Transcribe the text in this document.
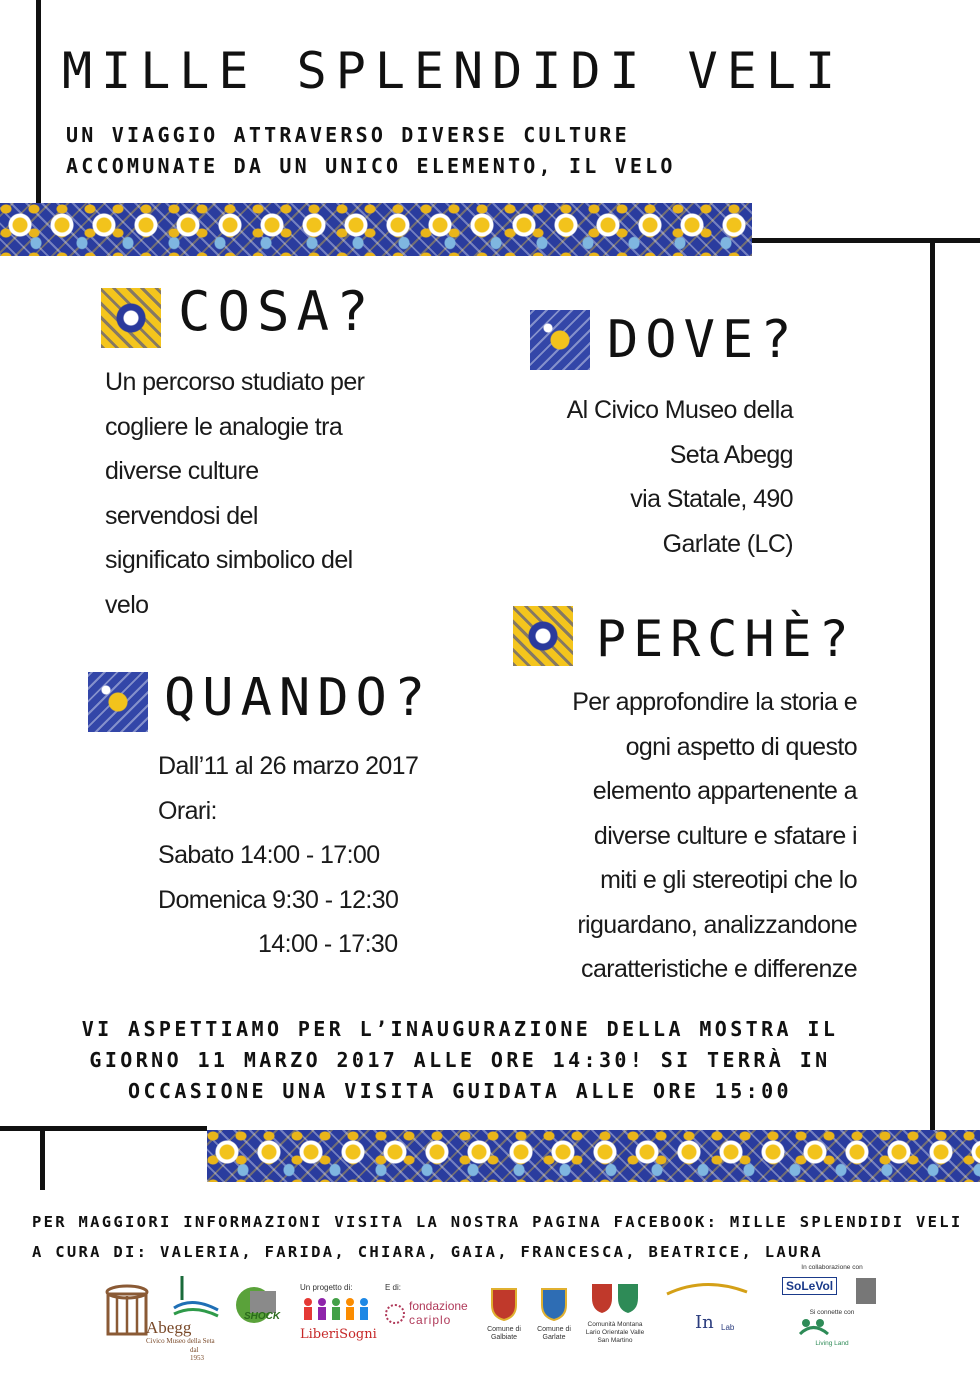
MILLE SPLENDIDI VELI
UN VIAGGIO ATTRAVERSO DIVERSE CULTURE
ACCOMUNATE DA UN UNICO ELEMENTO, IL VELO
COSA?
Un percorso studiato per
cogliere le analogie tra
diverse culture
servendosi del
significato simbolico del
velo
DOVE?
Al Civico Museo della
Seta Abegg
via Statale, 490
Garlate (LC)
PERCHÈ?
Per approfondire la storia e
ogni aspetto di questo
elemento appartenente a
diverse culture e sfatare i
miti e gli stereotipi che lo
riguardano, analizzandone
caratteristiche e differenze
QUANDO?
Dall’11 al 26 marzo 2017
Orari:
Sabato 14:00 - 17:00
Domenica 9:30 - 12:30
14:00 - 17:30
VI ASPETTIAMO PER L’INAUGURAZIONE DELLA MOSTRA IL
GIORNO 11 MARZO 2017 ALLE ORE 14:30! SI TERRÀ IN
OCCASIONE UNA VISITA GUIDATA ALLE ORE 15:00
PER MAGGIORI INFORMAZIONI VISITA LA NOSTRA PAGINA FACEBOOK: MILLE SPLENDIDI VELI
A CURA DI: VALERIA, FARIDA, CHIARA, GAIA, FRANCESCA, BEATRICE, LAURA
Abegg
Civico Museo della Seta
dal 1953
SHOCK
Un progetto di:
LiberiSogni
E di:
fondazione
cariplo
Comune di Galbiate
Comune di Garlate
Comunità Montana Lario Orientale Valle San Martino
In Lab
In collaborazione con
SoLeVol
Si connette con
Living Land
